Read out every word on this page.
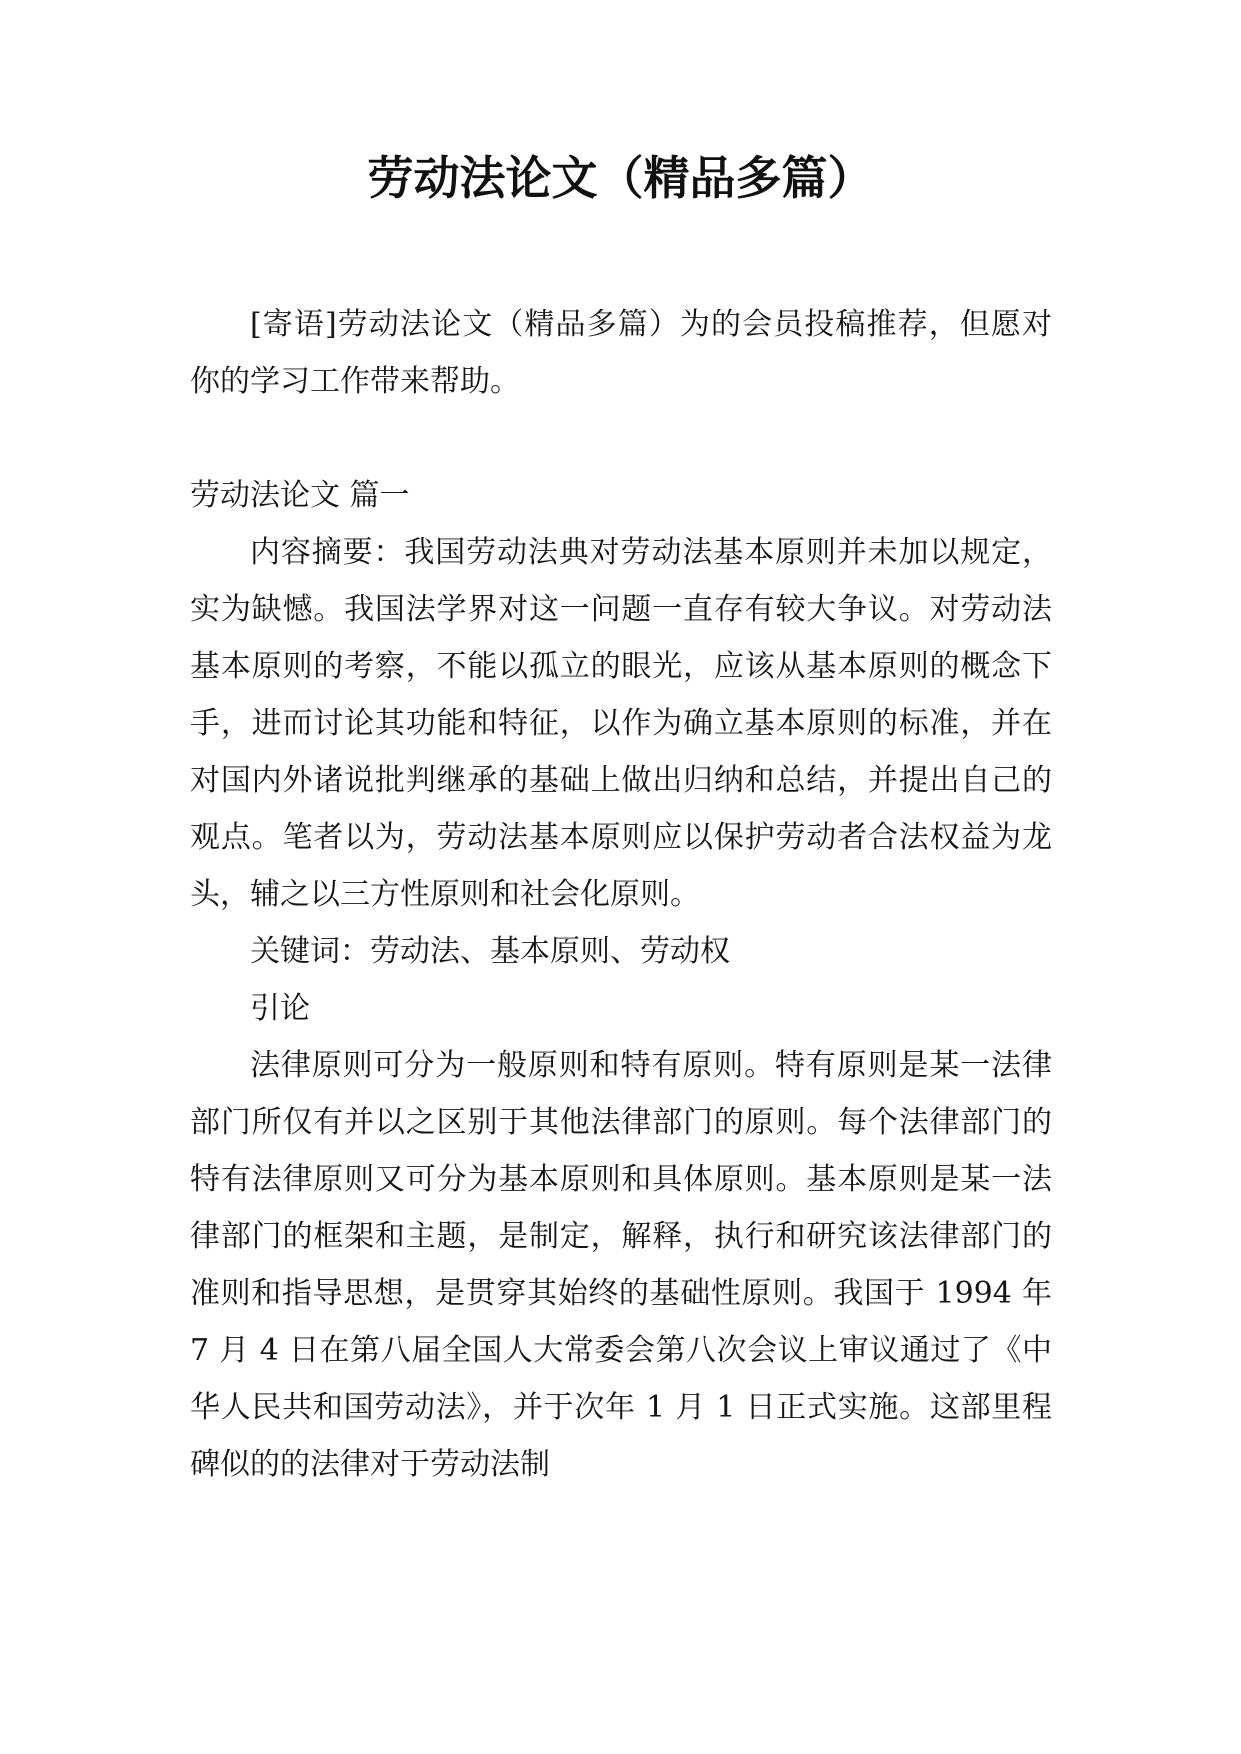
劳动法论文（精品多篇）

[寄语]劳动法论文（精品多篇）为的会员投稿推荐，但愿对你的学习工作带来帮助。

劳动法论文 篇一

内容摘要：我国劳动法典对劳动法基本原则并未加以规定，实为缺憾。我国法学界对这一问题一直存有较大争议。对劳动法基本原则的考察，不能以孤立的眼光，应该从基本原则的概念下手，进而讨论其功能和特征，以作为确立基本原则的标准，并在对国内外诸说批判继承的基础上做出归纳和总结，并提出自己的观点。笔者以为，劳动法基本原则应以保护劳动者合法权益为龙头，辅之以三方性原则和社会化原则。

关键词：劳动法、基本原则、劳动权

引论

法律原则可分为一般原则和特有原则。特有原则是某一法律部门所仅有并以之区别于其他法律部门的原则。每个法律部门的特有法律原则又可分为基本原则和具体原则。基本原则是某一法律部门的框架和主题，是制定，解释，执行和研究该法律部门的准则和指导思想，是贯穿其始终的基础性原则。我国于 1994 年 7 月 4 日在第八届全国人大常委会第八次会议上审议通过了《中华人民共和国劳动法》，并于次年 1 月 1 日正式实施。这部里程碑似的的法律对于劳动法制
